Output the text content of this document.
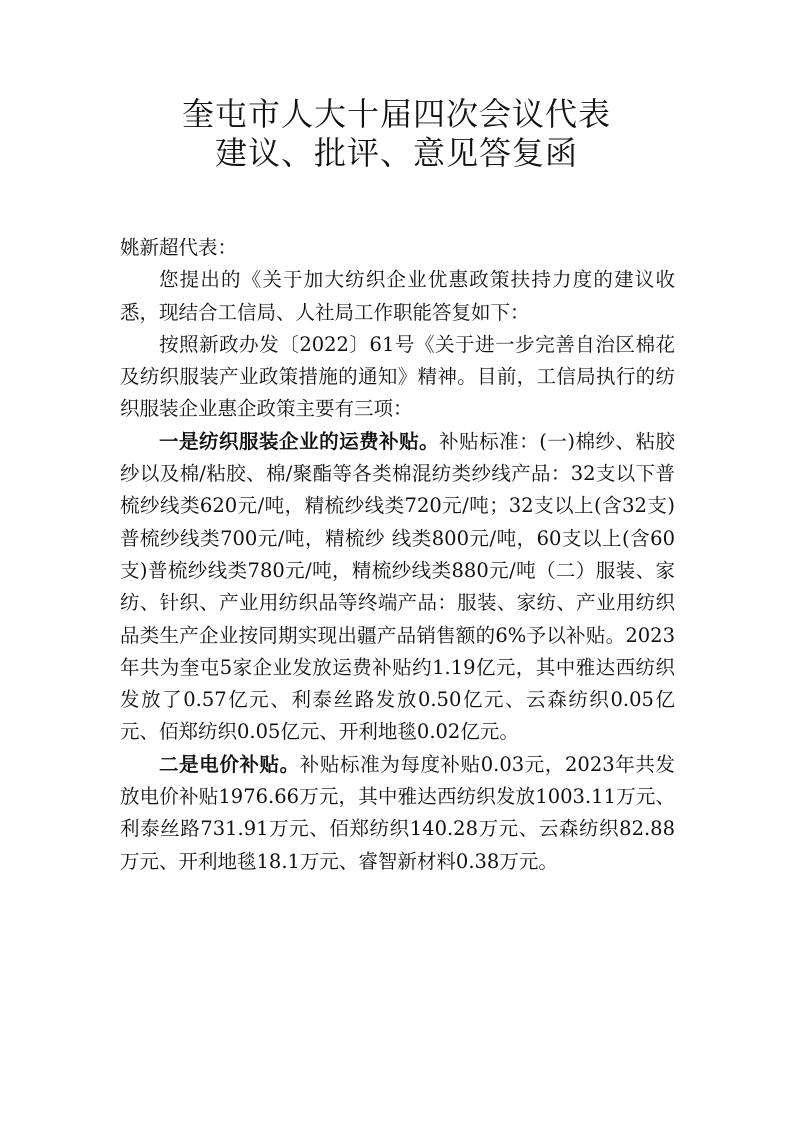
奎屯市人大十届四次会议代表
建议、批评、意见答复函

姚新超代表：

您提出的《关于加大纺织企业优惠政策扶持力度的建议收悉，现结合工信局、人社局工作职能答复如下：

按照新政办发〔2022〕61号《关于进一步完善自治区棉花及纺织服装产业政策措施的通知》精神。目前，工信局执行的纺织服装企业惠企政策主要有三项：

一是纺织服装企业的运费补贴。补贴标准：(一)棉纱、粘胶纱以及棉/粘胶、棉/聚酯等各类棉混纺类纱线产品：32支以下普梳纱线类620元/吨，精梳纱线类720元/吨；32支以上(含32支)普梳纱线类700元/吨，精梳纱 线类800元/吨，60支以上(含60支)普梳纱线类780元/吨，精梳纱线类880元/吨（二）服装、家纺、针织、产业用纺织品等终端产品：服装、家纺、产业用纺织品类生产企业按同期实现出疆产品销售额的6%予以补贴。2023年共为奎屯5家企业发放运费补贴约1.19亿元，其中雅达西纺织发放了0.57亿元、利泰丝路发放0.50亿元、云森纺织0.05亿元、佰郑纺织0.05亿元、开利地毯0.02亿元。

二是电价补贴。补贴标准为每度补贴0.03元，2023年共发放电价补贴1976.66万元，其中雅达西纺织发放1003.11万元、利泰丝路731.91万元、佰郑纺织140.28万元、云森纺织82.88万元、开利地毯18.1万元、睿智新材料0.38万元。
